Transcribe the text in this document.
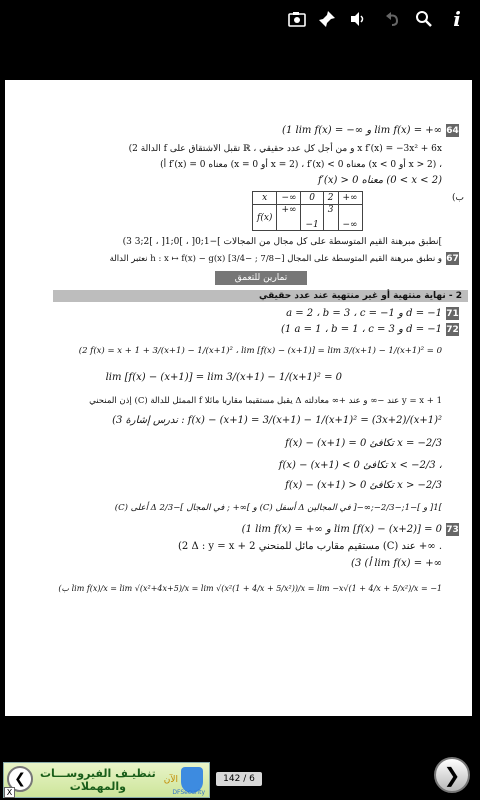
i
64
(1 lim f(x) = −∞ و lim f(x) = +∞
(2 الدالة f تقبل الاشتقاق على ℝ ، و من أجل كل عدد حقيقي x f′(x) = −3x² + 6x
(أ f′(x) = 0 معناه (x = 0 أو x = 2) ، f′(x) < 0 معناه (x < 0 أو x > 2) ،
f′(x) > 0 معناه (0 < x < 2)
(ب
x	−∞	0	2	+∞
f(x)	+∞	−1	3	−∞
(3 نطبق مبرهنة القيم المتوسطة على كل مجال من المجالات ]−1;0[ ، ]0;1[ ، ]2;3[
67
نعتبر الدالة h : x ↦ f(x) − g(x) و نطبق مبرهنة القيم المتوسطة على المجال [−7/8 ; −3/4]
تمارين للتعمق
2 - نهاية منتهية أو غير منتهية عند عدد حقيقي
71
a = 2 ، b = 3 ، c = −1 و d = −1
72
(1 a = 1 ، b = 1 ، c = 3 و d = −1
(2 f(x) = x + 1 + 3/(x+1) − 1/(x+1)² ، lim [f(x) − (x+1)] = lim 3/(x+1) − 1/(x+1)² = 0
lim [f(x) − (x+1)] = lim 3/(x+1) − 1/(x+1)² = 0
إذن المنحني (C) الممثل للدالة f يقبل مستقيما مقاربا مائلا Δ عند −∞ و عند +∞ معادلته y = x + 1
(3 ندرس إشارة : f(x) − (x+1) = 3/(x+1) − 1/(x+1)² = (3x+2)/(x+1)²
f(x) − (x+1) = 0 تكافئ x = −2/3
f(x) − (x+1) < 0 تكافئ x < −2/3 ،
f(x) − (x+1) > 0 تكافئ x > −2/3
(C) أعلى Δ في المجال ]−2/3 ; +∞[ و (C) أسفل Δ في المجالين ]−∞;−1[ و ]−1;−2/3[
73
(1 lim f(x) = +∞ و lim [f(x) − (x+2)] = 0
(2 Δ : y = x + 2 مستقيم مقارب مائل للمنحني (C) عند +∞ .
(3 (أ lim f(x) = +∞
(ب lim f(x)/x = lim √(x²+4x+5)/x = lim √(x²(1 + 4/x + 5/x²))/x = lim −x√(1 + 4/x + 5/x²)/x = −1
❮	تنظيـف الفيروســـات
والمهملات	الآن
DFSecurity
X
142 / 6	❯
